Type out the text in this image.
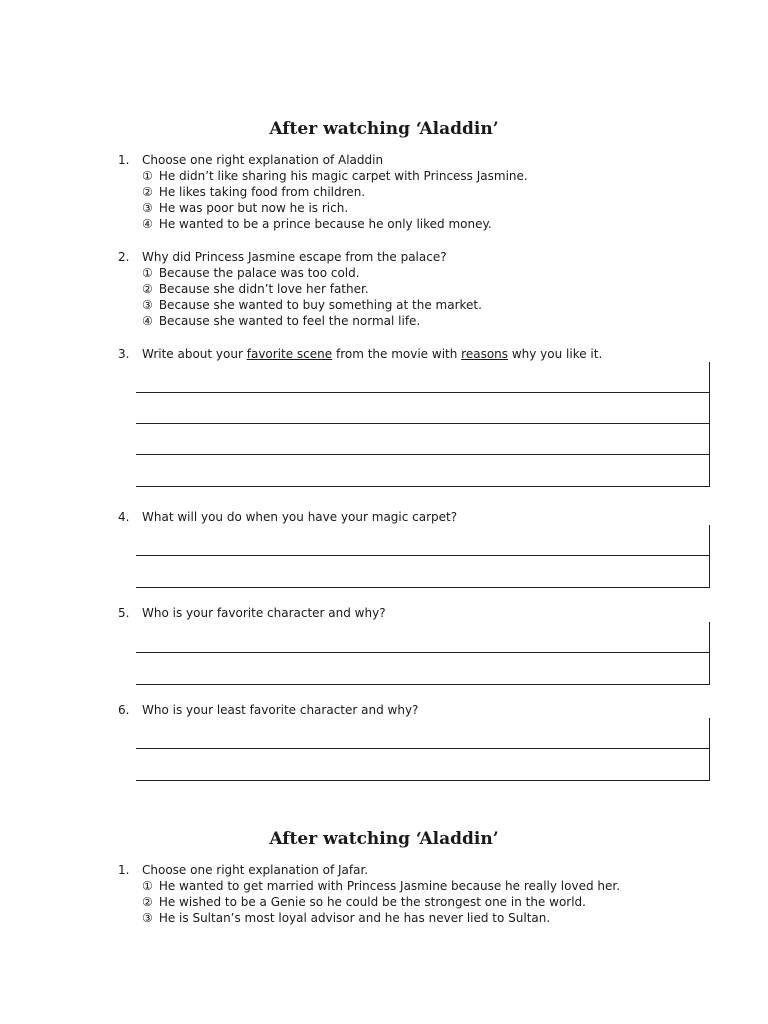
After watching ‘Aladdin’
1.	Choose one right explanation of Aladdin
① He didn’t like sharing his magic carpet with Princess Jasmine.
② He likes taking food from children.
③ He was poor but now he is rich.
④ He wanted to be a prince because he only liked money.
2.	Why did Princess Jasmine escape from the palace?
① Because the palace was too cold.
② Because she didn’t love her father.
③ Because she wanted to buy something at the market.
④ Because she wanted to feel the normal life.
3.	Write about your favorite scene from the movie with reasons why you like it.
4.	What will you do when you have your magic carpet?
5.	Who is your favorite character and why?
6.	Who is your least favorite character and why?
After watching ‘Aladdin’
1.	Choose one right explanation of Jafar.
① He wanted to get married with Princess Jasmine because he really loved her.
② He wished to be a Genie so he could be the strongest one in the world.
③ He is Sultan’s most loyal advisor and he has never lied to Sultan.
